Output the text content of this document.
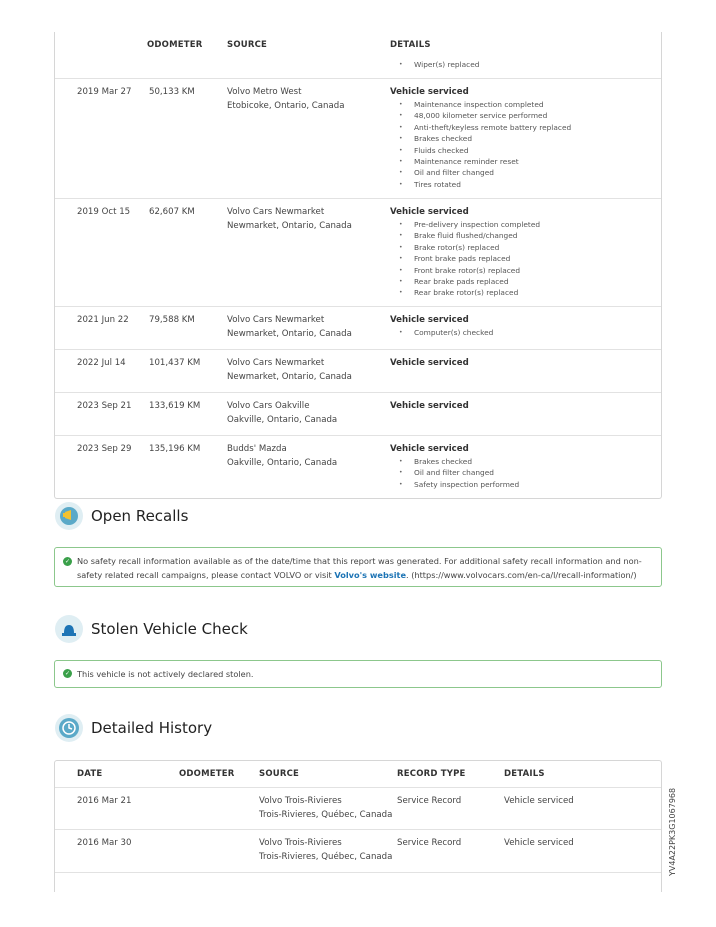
ODOMETER	SOURCE	DETAILS
• Wiper(s) replaced
2019 Mar 27 50,133 KM	Volvo Metro West
Etobicoke, Ontario, Canada
Vehicle serviced
• Maintenance inspection completed
• 48,000 kilometer service performed
• Anti-theft/keyless remote battery replaced
• Brakes checked
• Fluids checked
• Maintenance reminder reset
• Oil and filter changed
• Tires rotated
2019 Oct 15 62,607 KM	Volvo Cars Newmarket
Newmarket, Ontario, Canada
Vehicle serviced
• Pre-delivery inspection completed
• Brake fluid flushed/changed
• Brake rotor(s) replaced
• Front brake pads replaced
• Front brake rotor(s) replaced
• Rear brake pads replaced
• Rear brake rotor(s) replaced
2021 Jun 22 79,588 KM	Volvo Cars Newmarket
Newmarket, Ontario, Canada
Vehicle serviced
• Computer(s) checked
2022 Jul 14	101,437 KM	Volvo Cars Newmarket
Newmarket, Ontario, Canada
Vehicle serviced
2023 Sep 21 133,619 KM	Volvo Cars Oakville
Oakville, Ontario, Canada
Vehicle serviced
2023 Sep 29 135,196 KM	Budds' Mazda
Oakville, Ontario, Canada
Vehicle serviced
• Brakes checked
• Oil and filter changed
• Safety inspection performed
Open Recalls
✓ No safety recall information available as of the date/time that this report was generated. For additional safety recall information and non-safety related recall campaigns, please contact VOLVO or visit Volvo's website. (https://www.volvocars.com/en-ca/l/recall-information/)
Stolen Vehicle Check
✓ This vehicle is not actively declared stolen.
Detailed History
DATE	ODOMETER	SOURCE	RECORD TYPE	DETAILS
2016 Mar 21	Volvo Trois-Rivieres
Trois-Rivieres, Québec, Canada
Service Record	Vehicle serviced
2016 Mar 30	Volvo Trois-Rivieres
Trois-Rivieres, Québec, Canada
Service Record	Vehicle serviced	YV4A22PK3G1067968
